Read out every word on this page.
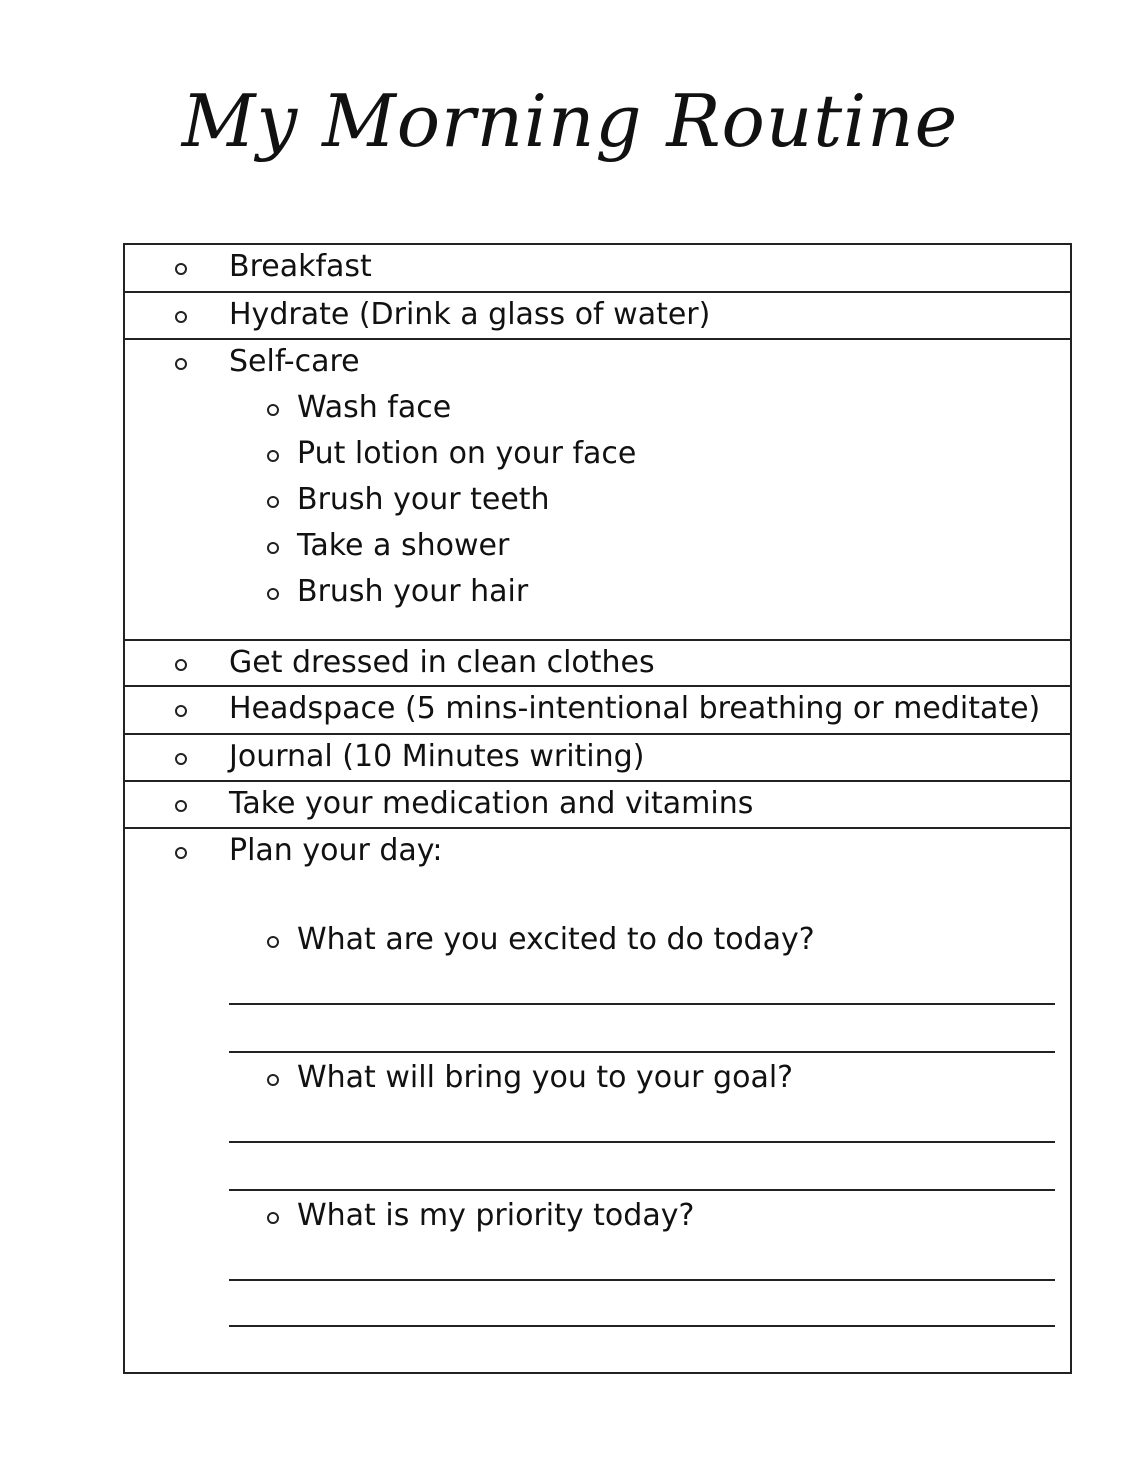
My Morning Routine
Breakfast
Hydrate (Drink a glass of water)
Self-care
Wash face
Put lotion on your face
Brush your teeth
Take a shower
Brush your hair
Get dressed in clean clothes
Headspace (5 mins-intentional breathing or meditate)
Journal (10 Minutes writing)
Take your medication and vitamins
Plan your day:
What are you excited to do today?
What will bring you to your goal?
What is my priority today?
